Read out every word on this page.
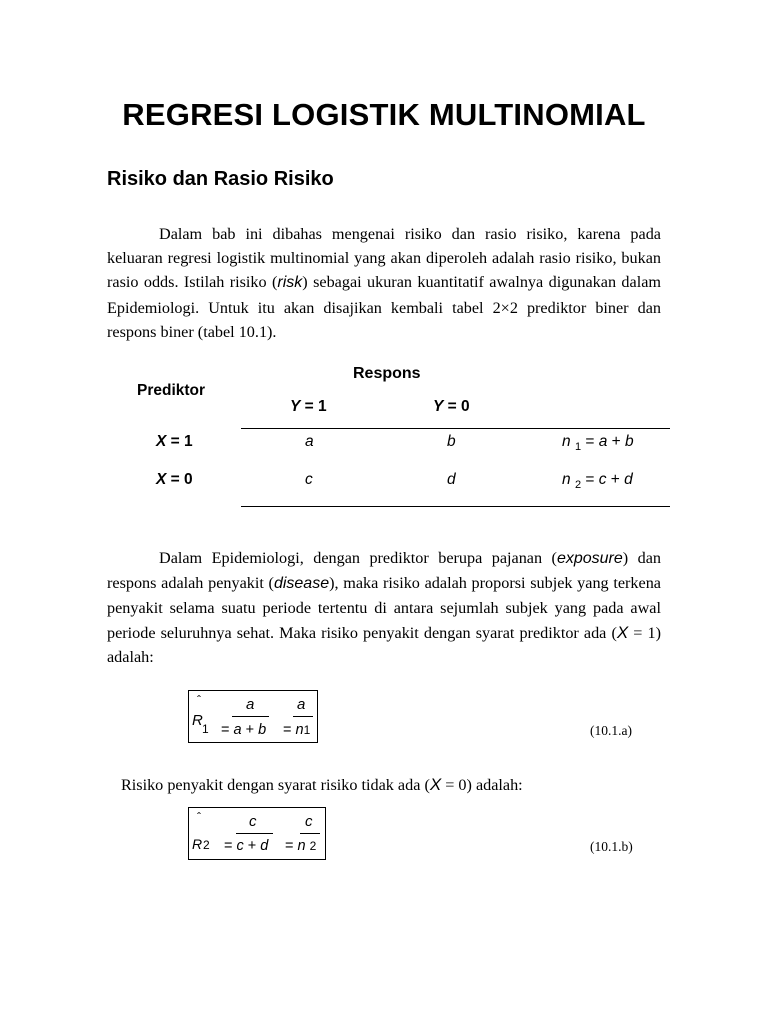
REGRESI LOGISTIK MULTINOMIAL
Risiko dan Rasio Risiko

Dalam bab ini dibahas mengenai risiko dan rasio risiko, karena pada keluaran regresi logistik multinomial yang akan diperoleh adalah rasio risiko, bukan rasio odds. Istilah risiko (risk) sebagai ukuran kuantitatif awalnya digunakan dalam Epidemiologi. Untuk itu akan disajikan kembali tabel 2×2 prediktor biner dan respons biner (tabel 10.1).

Respons
Prediktor
Y = 1	Y = 0
X = 1	a	b	n $_1$ = a + b
X = 0	c	d	n $_2$ = c + d

Dalam Epidemiologi, dengan prediktor berupa pajanan (exposure) dan respons adalah penyakit (disease), maka risiko adalah proporsi subjek yang terkena penyakit selama suatu periode tertentu di antara sejumlah subjek yang pada awal periode seluruhnya sehat. Maka risiko penyakit dengan syarat prediktor ada (X = 1) adalah:

ˆ
R 1
a
= a + b
a
= n1	(10.1.a)
Risiko penyakit dengan syarat risiko tidak ada (X = 0) adalah:
ˆ
R 2
c
= c + d
c
= n 2	(10.1.b)
